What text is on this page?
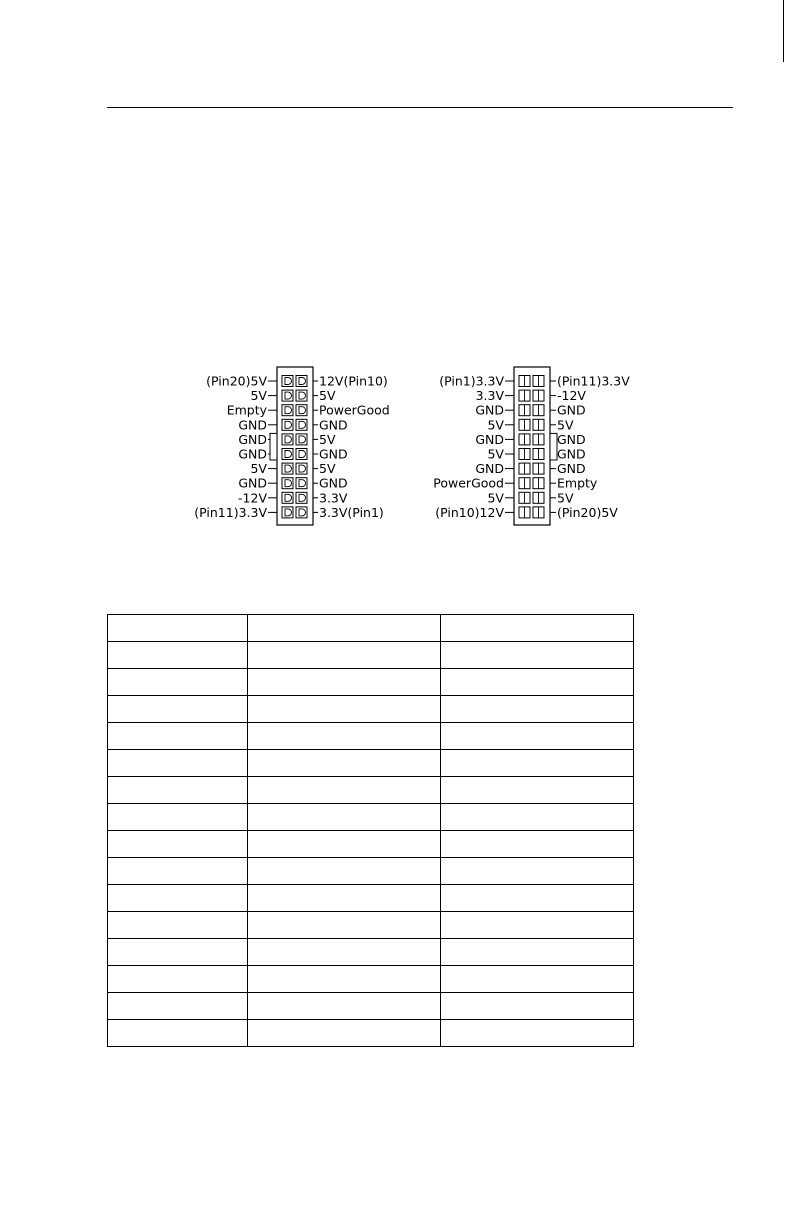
(Pin20)5V	12V(Pin10)
5V	5V
Empty	PowerGood
GND	GND
GND	5V
GND	GND
5V	5V
GND	GND
-12V	3.3V
(Pin11)3.3V	3.3V(Pin1)
(Pin1)3.3V	(Pin11)3.3V
3.3V	-12V
GND	GND
5V	5V
GND	GND
5V	GND
GND	GND
PowerGood	Empty
5V	5V
(Pin10)12V	(Pin20)5V
